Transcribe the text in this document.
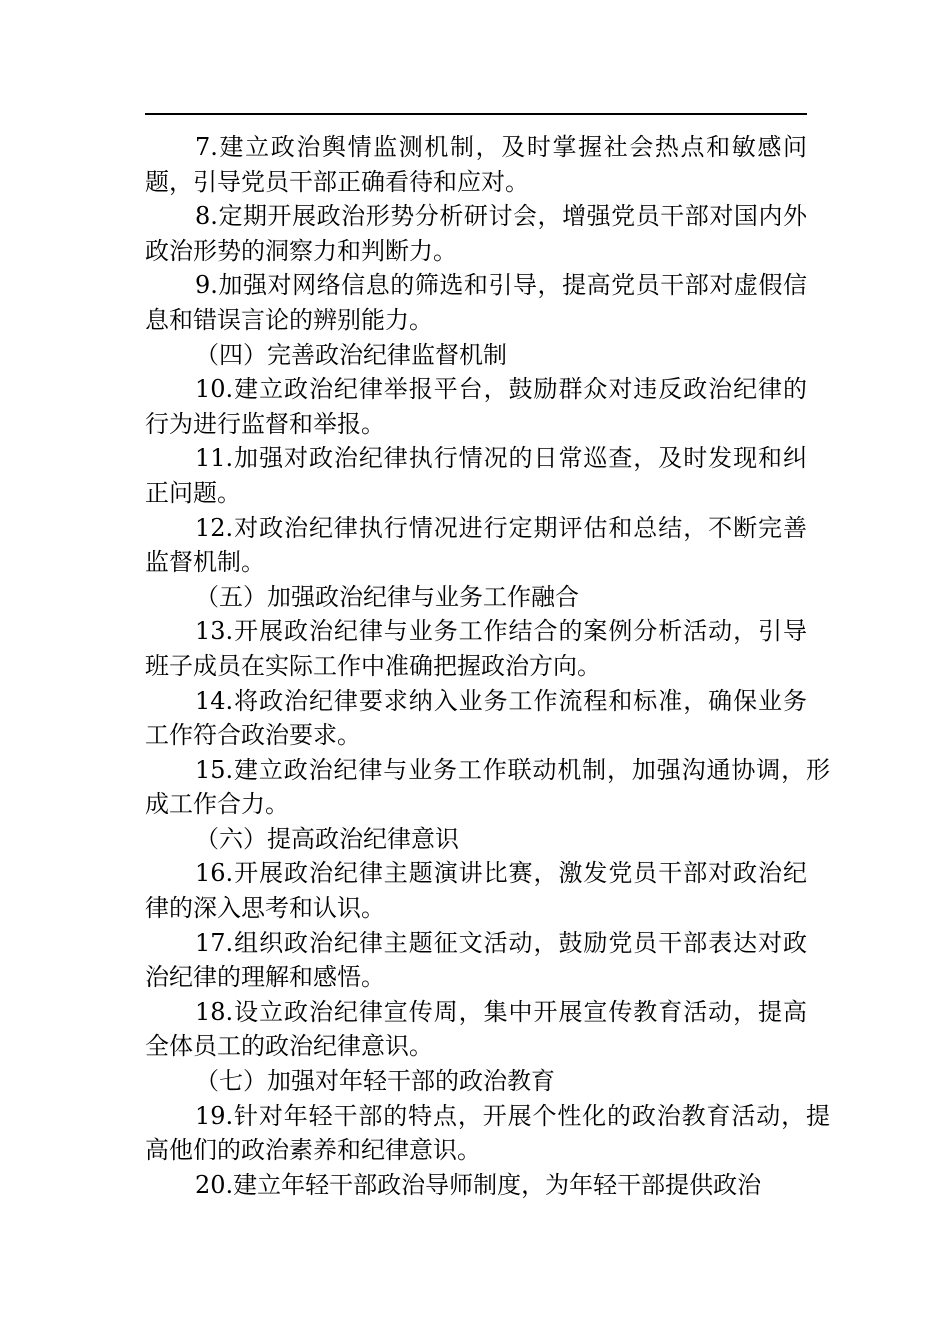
7.建立政治舆情监测机制，及时掌握社会热点和敏感问题，引导党员干部正确看待和应对。

8.定期开展政治形势分析研讨会，增强党员干部对国内外政治形势的洞察力和判断力。

9.加强对网络信息的筛选和引导，提高党员干部对虚假信息和错误言论的辨别能力。

（四）完善政治纪律监督机制

10.建立政治纪律举报平台，鼓励群众对违反政治纪律的行为进行监督和举报。

11.加强对政治纪律执行情况的日常巡查，及时发现和纠正问题。

12.对政治纪律执行情况进行定期评估和总结，不断完善监督机制。

（五）加强政治纪律与业务工作融合

13.开展政治纪律与业务工作结合的案例分析活动，引导班子成员在实际工作中准确把握政治方向。

14.将政治纪律要求纳入业务工作流程和标准，确保业务工作符合政治要求。

15.建立政治纪律与业务工作联动机制，加强沟通协调，形成工作合力。

（六）提高政治纪律意识

16.开展政治纪律主题演讲比赛，激发党员干部对政治纪律的深入思考和认识。

17.组织政治纪律主题征文活动，鼓励党员干部表达对政治纪律的理解和感悟。

18.设立政治纪律宣传周，集中开展宣传教育活动，提高全体员工的政治纪律意识。

（七）加强对年轻干部的政治教育

19.针对年轻干部的特点，开展个性化的政治教育活动，提高他们的政治素养和纪律意识。

20.建立年轻干部政治导师制度，为年轻干部提供政治
